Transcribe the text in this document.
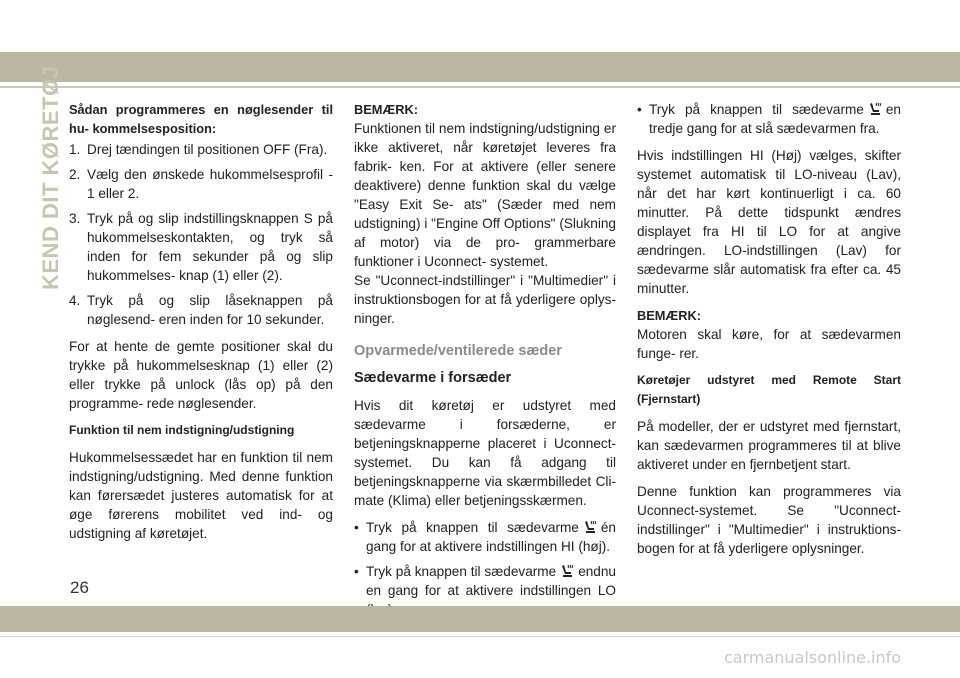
KEND DIT KØRETØJ Sådan programmeres en nøglesender til hu- kommelsesposition:

1. Drej tændingen til positionen OFF (Fra).
2. Vælg den ønskede hukommelsesprofil - 1 eller 2.
3. Tryk på og slip indstillingsknappen S på hukommelseskontakten, og tryk så inden for fem sekunder på og slip hukommelses- knap (1) eller (2).
4. Tryk på og slip låseknappen på nøglesend- eren inden for 10 sekunder.

For at hente de gemte positioner skal du trykke på hukommelsesknap (1) eller (2) eller trykke på unlock (lås op) på den programme- rede nøglesender.

Funktion til nem indstigning/udstigning

Hukommelsessædet har en funktion til nem indstigning/udstigning. Med denne funktion kan førersædet justeres automatisk for at øge førerens mobilitet ved ind- og udstigning af køretøjet.

BEMÆRK:

Funktionen til nem indstigning/udstigning er ikke aktiveret, når køretøjet leveres fra fabrik- ken. For at aktivere (eller senere deaktivere) denne funktion skal du vælge "Easy Exit Se- ats" (Sæder med nem udstigning) i "Engine Off Options" (Slukning af motor) via de pro- grammerbare funktioner i Uconnect- systemet.

Se "Uconnect-indstillinger" i "Multimedier" i instruktionsbogen for at få yderligere oplys- ninger.

Opvarmede/ventilerede sæder

Sædevarme i forsæder

Hvis dit køretøj er udstyret med sædevarme i forsæderne, er betjeningsknapperne placeret i Uconnect-systemet. Du kan få adgang til betjeningsknapperne via skærmbilledet Cli- mate (Klima) eller betjeningsskærmen.

• Tryk på knappen til sædevarme én gang for at aktivere indstillingen HI (høj).
• Tryk på knappen til sædevarme endnu en gang for at aktivere indstillingen LO
• Tryk på knappen til sædevarme en tredje gang for at slå sædevarmen fra.

Hvis indstillingen HI (Høj) vælges, skifter systemet automatisk til LO-niveau (Lav), når det har kørt kontinuerligt i ca. 60 minutter. På dette tidspunkt ændres displayet fra HI til LO for at angive ændringen. LO-indstillingen (Lav) for sædevarme slår automatisk fra efter ca. 45 minutter.

BEMÆRK:

Motoren skal køre, for at sædevarmen funge- rer.

Køretøjer udstyret med Remote Start (Fjernstart)

På modeller, der er udstyret med fjernstart, kan sædevarmen programmeres til at blive aktiveret under en fjernbetjent start.

Denne funktion kan programmeres via Uconnect-systemet. Se "Uconnect- indstillinger" i "Multimedier" i instruktions- bogen for at få yderligere oplysninger.

26
carmanualsonline.info
